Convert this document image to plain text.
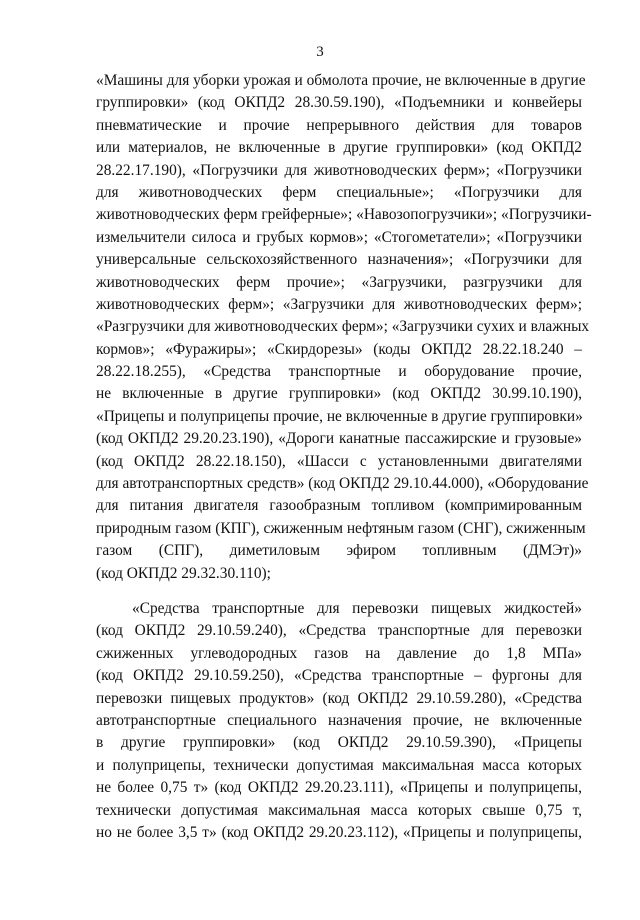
3
«Машины для уборки урожая и обмолота прочие, не включенные в другие
группировки» (код ОКПД2 28.30.59.190), «Подъемники и конвейеры
пневматические и прочие непрерывного действия для товаров
или материалов, не включенные в другие группировки» (код ОКПД2
28.22.17.190), «Погрузчики для животноводческих ферм»; «Погрузчики
для животноводческих ферм специальные»; «Погрузчики для
животноводческих ферм грейферные»; «Навозопогрузчики»; «Погрузчики-
измельчители силоса и грубых кормов»; «Стогометатели»; «Погрузчики
универсальные сельскохозяйственного назначения»; «Погрузчики для
животноводческих ферм прочие»; «Загрузчики, разгрузчики для
животноводческих ферм»; «Загрузчики для животноводческих ферм»;
«Разгрузчики для животноводческих ферм»; «Загрузчики сухих и влажных
кормов»; «Фуражиры»; «Скирдорезы» (коды ОКПД2 28.22.18.240 –
28.22.18.255), «Средства транспортные и оборудование прочие,
не включенные в другие группировки» (код ОКПД2 30.99.10.190),
«Прицепы и полуприцепы прочие, не включенные в другие группировки»
(код ОКПД2 29.20.23.190), «Дороги канатные пассажирские и грузовые»
(код ОКПД2 28.22.18.150), «Шасси с установленными двигателями
для автотранспортных средств» (код ОКПД2 29.10.44.000), «Оборудование
для питания двигателя газообразным топливом (компримированным
природным газом (КПГ), сжиженным нефтяным газом (СНГ), сжиженным
газом (СПГ), диметиловым эфиром топливным (ДМЭт)»
(код ОКПД2 29.32.30.110);
«Средства транспортные для перевозки пищевых жидкостей»
(код ОКПД2 29.10.59.240), «Средства транспортные для перевозки
сжиженных углеводородных газов на давление до 1,8 МПа»
(код ОКПД2 29.10.59.250), «Средства транспортные – фургоны для
перевозки пищевых продуктов» (код ОКПД2 29.10.59.280), «Средства
автотранспортные специального назначения прочие, не включенные
в другие группировки» (код ОКПД2 29.10.59.390), «Прицепы
и полуприцепы, технически допустимая максимальная масса которых
не более 0,75 т» (код ОКПД2 29.20.23.111), «Прицепы и полуприцепы,
технически допустимая максимальная масса которых свыше 0,75 т,
но не более 3,5 т» (код ОКПД2 29.20.23.112), «Прицепы и полуприцепы,
